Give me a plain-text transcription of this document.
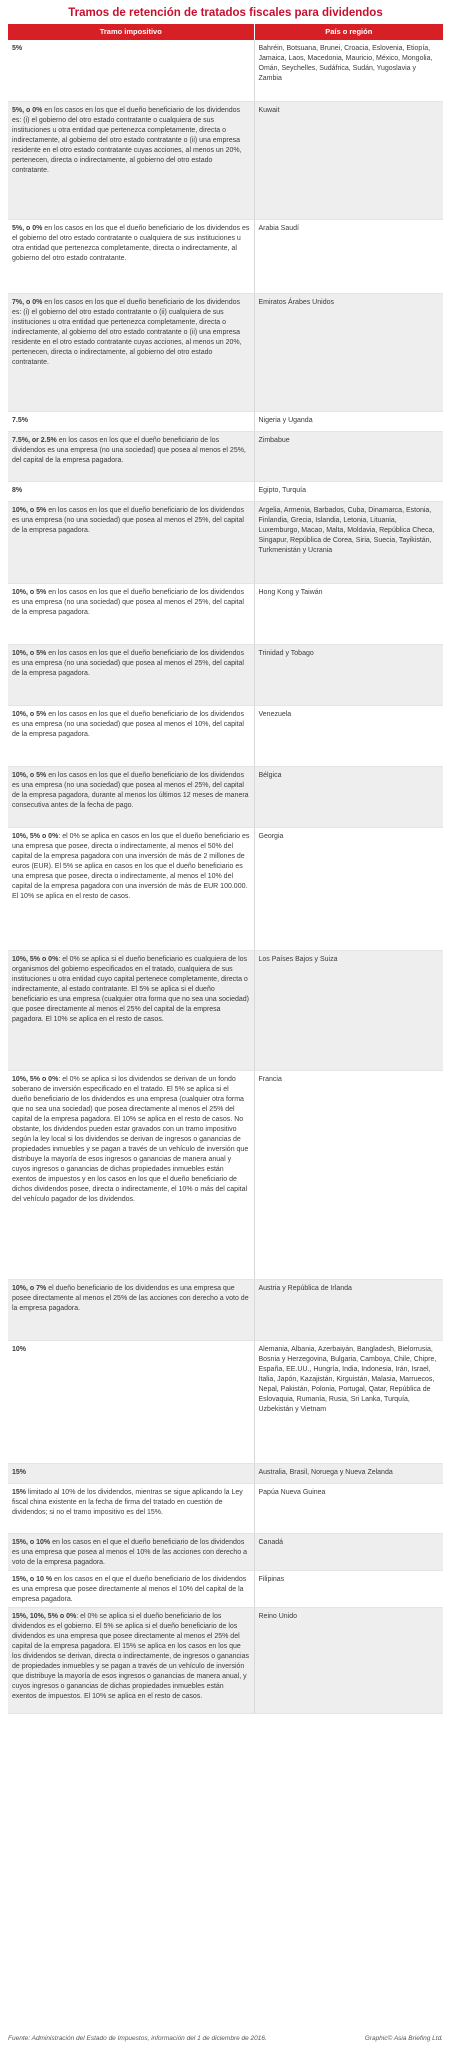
Tramos de retención de tratados fiscales para dividendos
Tramo impositivo	País o región
5%	Bahréin, Botsuana, Brunei, Croacia, Eslovenia, Etiopía, Jamaica, Laos, Macedonia, Mauricio, México, Mongolia, Omán, Seychelles, Sudáfrica, Sudán, Yugoslavia y Zambia
5%, o 0% en los casos en los que el dueño beneficiario de los dividendos es: (i) el gobierno del otro estado contratante o cualquiera de sus instituciones u otra entidad que pertenezca completamente, directa o indirectamente, al gobierno del otro estado contratante o (ii) una empresa residente en el otro estado contratante cuyas acciones, al menos un 20%, pertenecen, directa o indirectamente, al gobierno del otro estado contratante.	Kuwait
5%, o 0% en los casos en los que el dueño beneficiario de los dividendos es el gobierno del otro estado contratante o cualquiera de sus instituciones u otra entidad que pertenezca completamente, directa o indirectamente, al gobierno del otro estado contratante.	Arabia Saudí
7%, o 0% en los casos en los que el dueño beneficiario de los dividendos es: (i) el gobierno del otro estado contratante o (ii) cualquiera de sus instituciones u otra entidad que pertenezca completamente, directa o indirectamente, al gobierno del otro estado contratante o (ii) una empresa residente en el otro estado contratante cuyas acciones, al menos un 20%, pertenecen, directa o indirectamente, al gobierno del otro estado contratante.	Emiratos Árabes Unidos
7.5%	Nigeria y Uganda
7.5%, or 2.5% en los casos en los que el dueño beneficiario de los dividendos es una empresa (no una sociedad) que posea al menos el 25%, del capital de la empresa pagadora.	Zimbabue
8%	Egipto, Turquía
10%, o 5% en los casos en los que el dueño beneficiario de los dividendos es una empresa (no una sociedad) que posea al menos el 25%, del capital de la empresa pagadora.	Argelia, Armenia, Barbados, Cuba, Dinamarca, Estonia, Finlandia, Grecia, Islandia, Letonia, Lituania, Luxemburgo, Macao, Malta, Moldavia, República Checa, Singapur, República de Corea, Siria, Suecia, Tayikistán, Turkmenistán y Ucrania
10%, o 5% en los casos en los que el dueño beneficiario de los dividendos es una empresa (no una sociedad) que posea al menos el 25%, del capital de la empresa pagadora.	Hong Kong y Taiwán
10%, o 5% en los casos en los que el dueño beneficiario de los dividendos es una empresa (no una sociedad) que posea al menos el 25%, del capital de la empresa pagadora.	Trinidad y Tobago
10%, o 5% en los casos en los que el dueño beneficiario de los dividendos es una empresa (no una sociedad) que posea al menos el 10%, del capital de la empresa pagadora.	Venezuela
10%, o 5% en los casos en los que el dueño beneficiario de los dividendos es una empresa (no una sociedad) que posea al menos el 25%, del capital de la empresa pagadora, durante al menos los últimos 12 meses de manera consecutiva antes de la fecha de pago.	Bélgica
10%, 5% o 0%: el 0% se aplica en casos en los que el dueño beneficiario es una empresa que posee, directa o indirectamente, al menos el 50% del capital de la empresa pagadora con una inversión de más de 2 millones de euros (EUR). El 5% se aplica en casos en los que el dueño beneficiario es una empresa que posee, directa o indirectamente, al menos el 10% del capital de la empresa pagadora con una inversión de más de EUR 100.000. El 10% se aplica en el resto de casos.	Georgia
10%, 5% o 0%: el 0% se aplica si el dueño beneficiario es cualquiera de los organismos del gobierno especificados en el tratado, cualquiera de sus instituciones u otra entidad cuyo capital pertenece completamente, directa o indirectamente, al estado contratante. El 5% se aplica si el dueño beneficiario es una empresa (cualquier otra forma que no sea una sociedad) que posee directamente al menos el 25% del capital de la empresa pagadora. El 10% se aplica en el resto de casos.	Los Países Bajos y Suiza
10%, 5% o 0%: el 0% se aplica si los dividendos se derivan de un fondo soberano de inversión especificado en el tratado. El 5% se aplica si el dueño beneficiario de los dividendos es una empresa (cualquier otra forma que no sea una sociedad) que posea directamente al menos el 25% del capital de la empresa pagadora. El 10% se aplica en el resto de casos. No obstante, los dividendos pueden estar gravados con un tramo impositivo según la ley local si los dividendos se derivan de ingresos o ganancias de propiedades inmuebles y se pagan a través de un vehículo de inversión que distribuye la mayoría de esos ingresos o ganancias de manera anual y cuyos ingresos o ganancias de dichas propiedades inmuebles están exentos de impuestos y en los casos en los que el dueño beneficiario de dichos dividendos posee, directa o indirectamente, el 10% o más del capital del vehículo pagador de los dividendos.	Francia
10%, o 7% el dueño beneficiario de los dividendos es una empresa que posee directamente al menos el 25% de las acciones con derecho a voto de la empresa pagadora.	Austria y República de Irlanda
10%	Alemania, Albania, Azerbaiyán, Bangladesh, Bielorrusia, Bosnia y Herzegovina, Bulgaria, Camboya, Chile, Chipre, España, EE.UU., Hungría, India, Indonesia, Irán, Israel, Italia, Japón, Kazajistán, Kirguistán, Malasia, Marruecos, Nepal, Pakistán, Polonia, Portugal, Qatar, República de Eslovaquia, Rumanía, Rusia, Sri Lanka, Turquía, Uzbekistán y Vietnam
15%	Australia, Brasil, Noruega y Nueva Zelanda
15% limitado al 10% de los dividendos, mientras se sigue aplicando la Ley fiscal china existente en la fecha de firma del tratado en cuestión de dividendos; si no el tramo impositivo es del 15%.	Papúa Nueva Guinea
15%, o 10% en los casos en el que el dueño beneficiario de los dividendos es una empresa que posea al menos el 10% de las acciones con derecho a voto de la empresa pagadora.	Canadá
15%, o 10 % en los casos en el que el dueño beneficiario de los dividendos es una empresa que posee directamente al menos el 10% del capital de la empresa pagadora.	Filipinas
15%, 10%, 5% o 0%: el 0% se aplica si el dueño beneficiario de los dividendos es el gobierno. El 5% se aplica si el dueño beneficiario de los dividendos es una empresa que posee directamente al menos el 25% del capital de la empresa pagadora. El 15% se aplica en los casos en los que los dividendos se derivan, directa o indirectamente, de ingresos o ganancias de propiedades inmuebles y se pagan a través de un vehículo de inversión que distribuye la mayoría de esos ingresos o ganancias de manera anual, y cuyos ingresos o ganancias de dichas propiedades inmuebles están exentos de impuestos. El 10% se aplica en el resto de casos.	Reino Unido
Fuente: Administración del Estado de Impuestos, información del 1 de diciembre de 2016.	Graphic© Asia Briefing Ltd.
